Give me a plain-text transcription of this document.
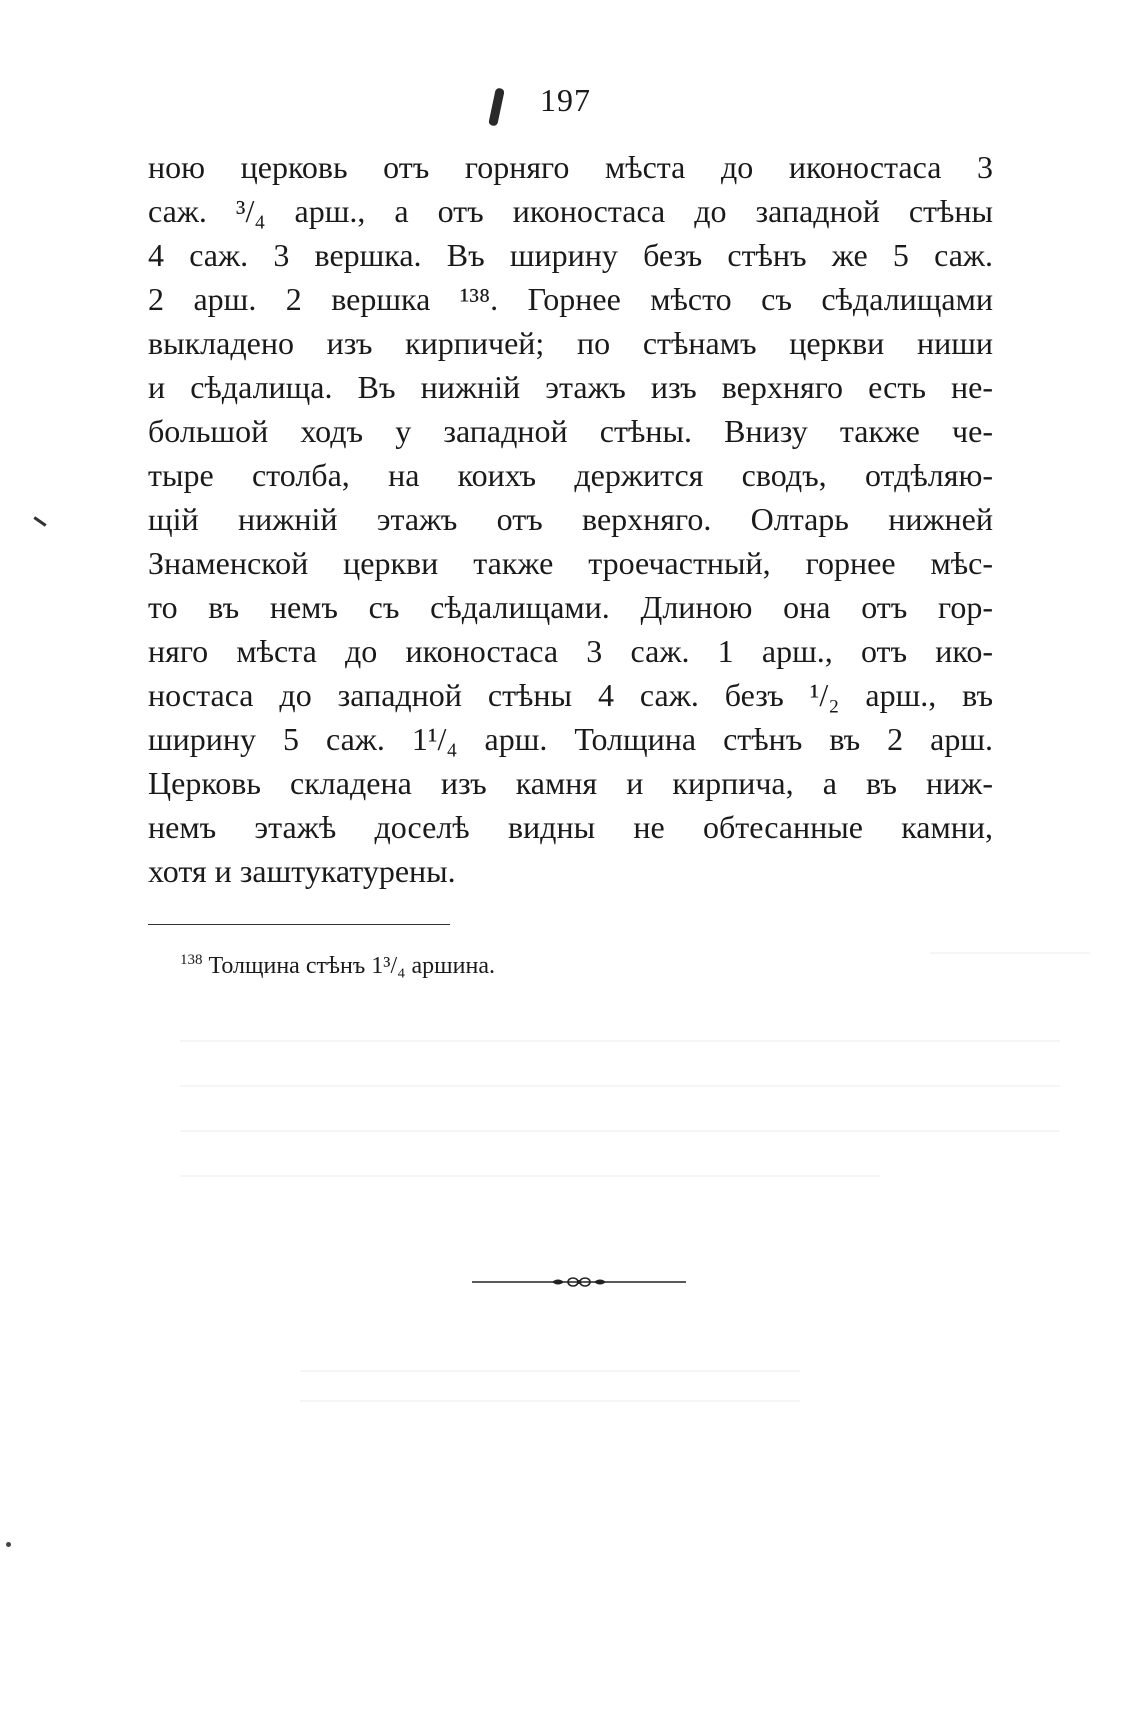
197
ною церковь отъ горняго мѣста до иконостаса 3
саж. ³/₄ арш., а отъ иконостаса до западной стѣны
4 саж. 3 вершка. Въ ширину безъ стѣнъ же 5 саж.
2 арш. 2 вершка ¹³⁸. Горнее мѣсто съ сѣдалищами
выкладено изъ кирпичей; по стѣнамъ церкви ниши
и сѣдалища. Въ нижній этажъ изъ верхняго есть не-
большой ходъ у западной стѣны. Внизу также че-
тыре столба, на коихъ держится сводъ, отдѣляю-
щій нижній этажъ отъ верхняго. Олтарь нижней
Знаменской церкви также троечастный, горнее мѣс-
то въ немъ съ сѣдалищами. Длиною она отъ гор-
няго мѣста до иконостаса 3 саж. 1 арш., отъ ико-
ностаса до западной стѣны 4 саж. безъ ¹/₂ арш., въ
ширину 5 саж. 1¹/₄ арш. Толщина стѣнъ въ 2 арш.
Церковь складена изъ камня и кирпича, а въ ниж-
немъ этажѣ доселѣ видны не обтесанные камни,
хотя и заштукатурены.
$^{138}$ Толщина стѣнъ 1³/₄ аршина.
